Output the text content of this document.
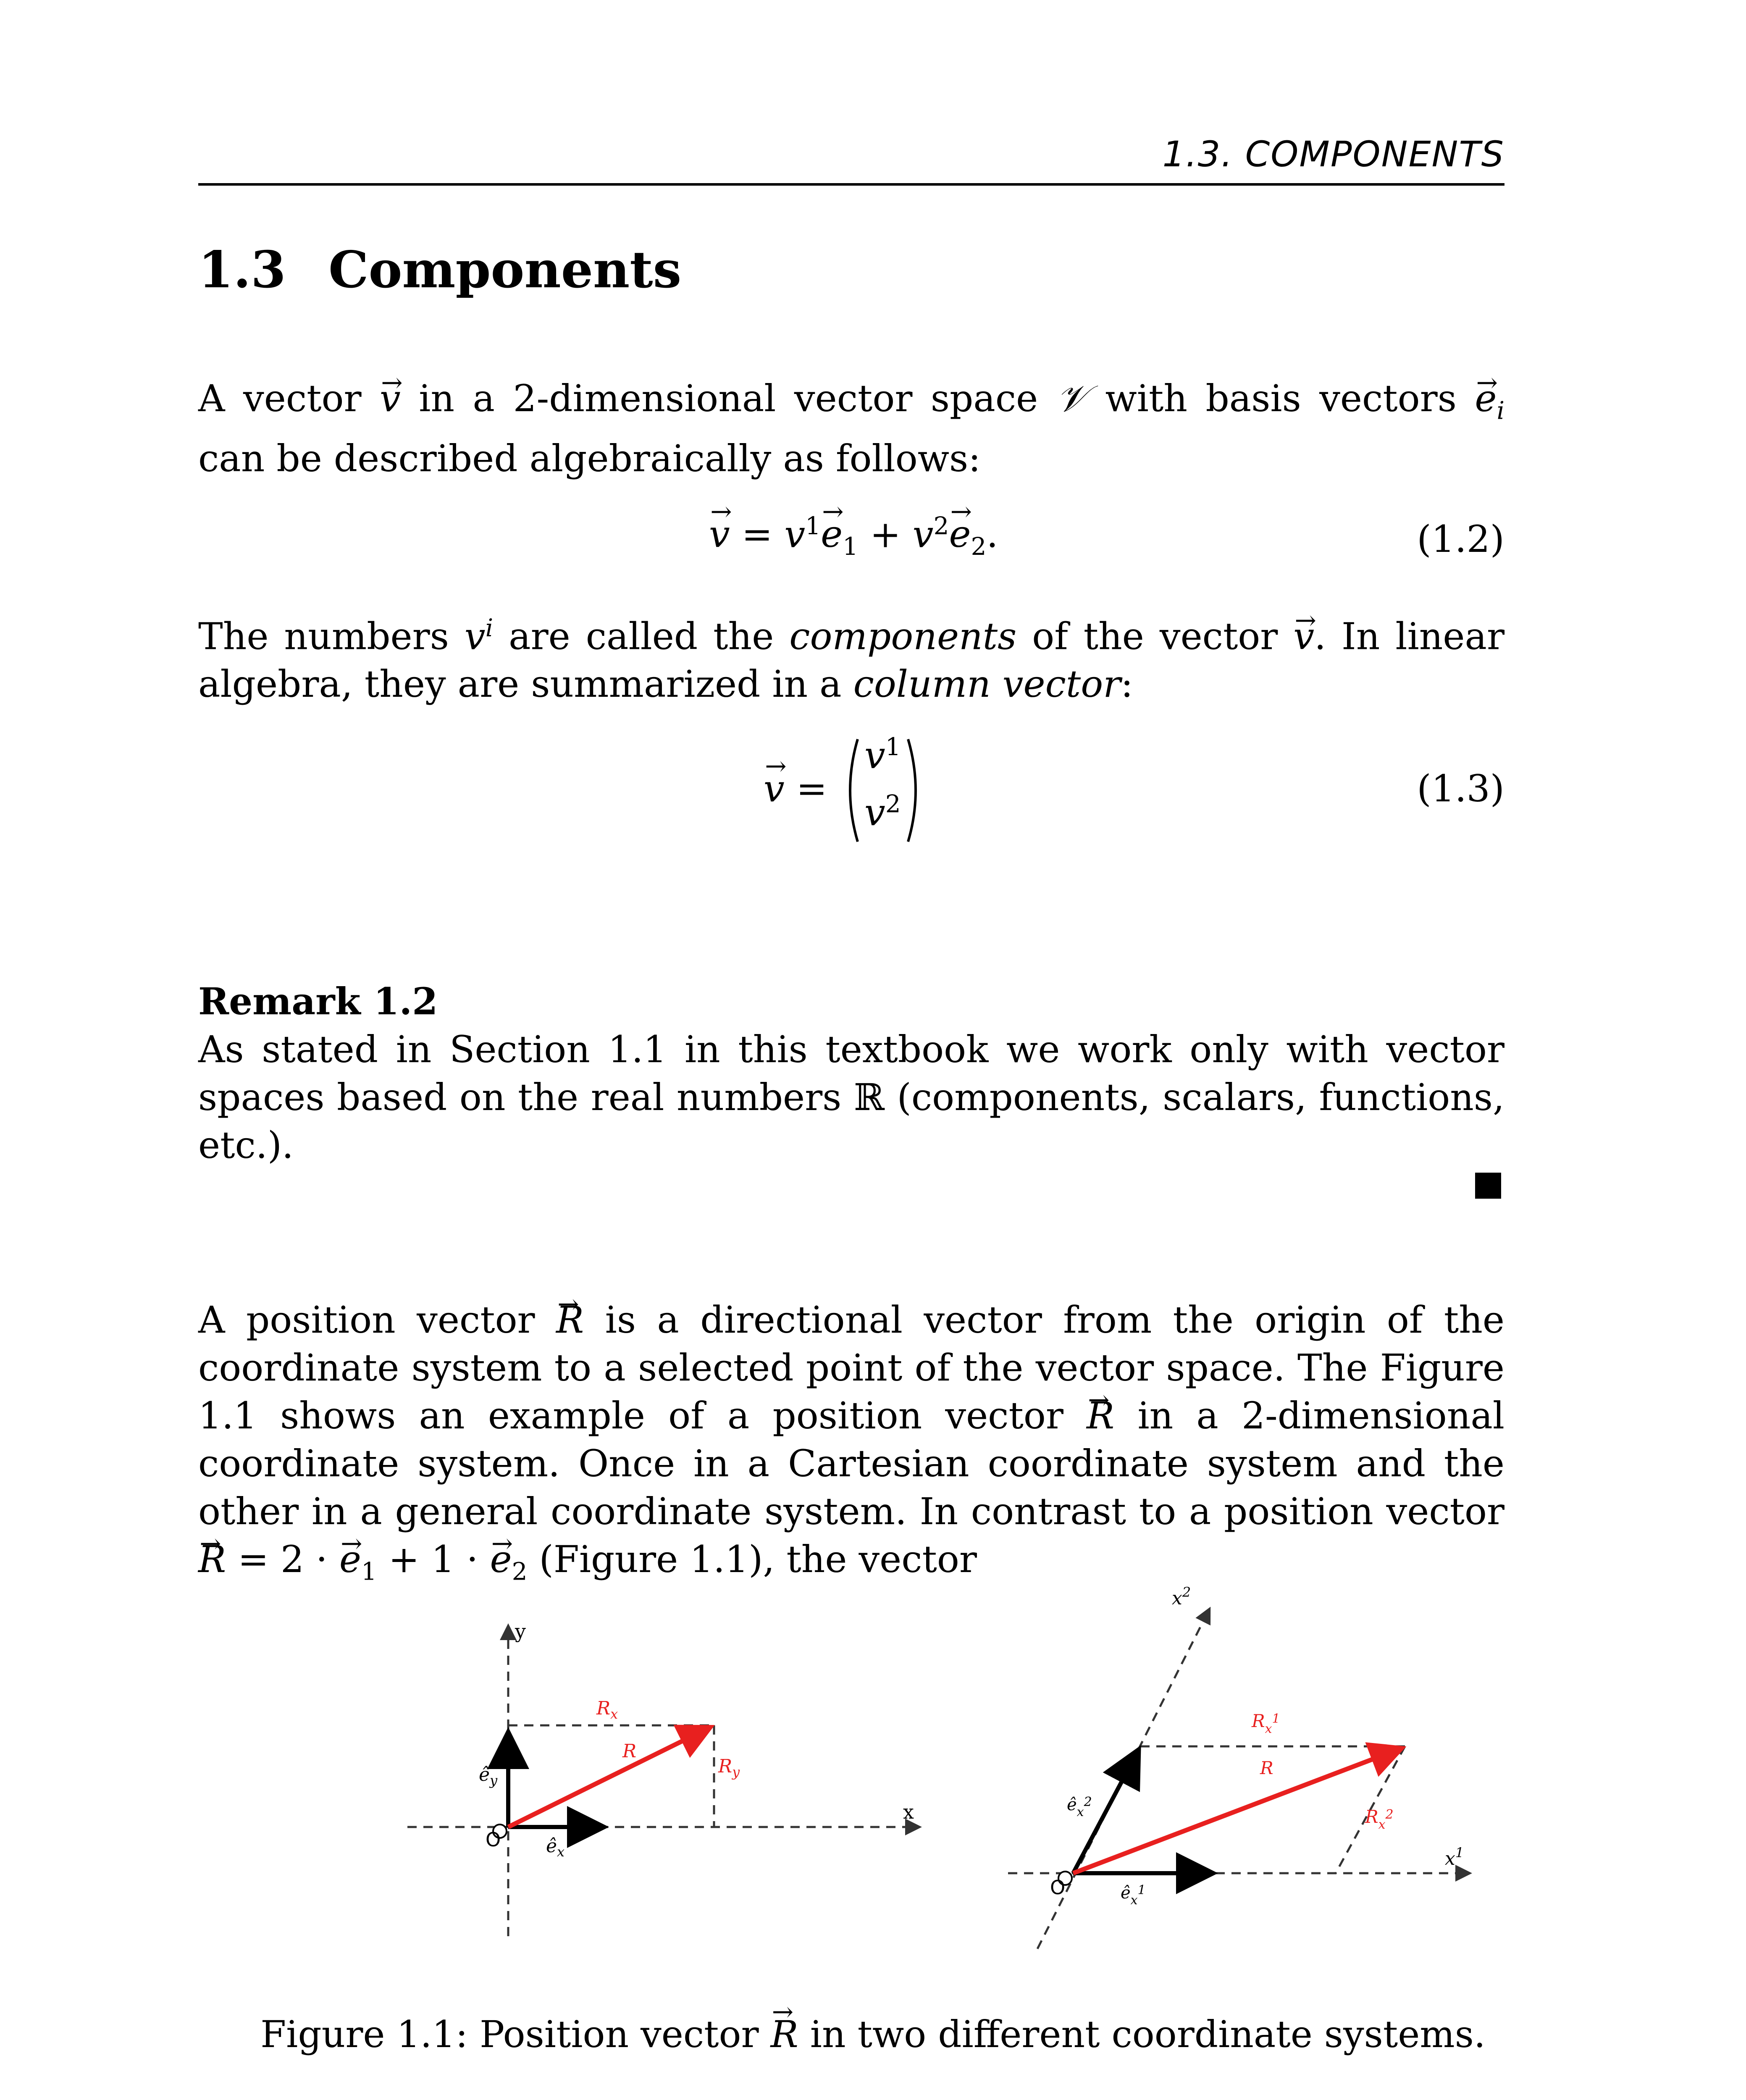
1.3. COMPONENTS
1.3 Components
A vector → v in a 2-dimensional vector space 𝒱 with basis vectors → $e_i$ can be described algebraically as follows:
→ $v = v^1\to e_1 + v^2\to e_2$.	(1.2)
The numbers $v^i$ are called the components of the vector → v. In linear algebra, they are summarized in a column vector:
→ v =
$v^1$
$v^2$	(1.3)
Remark 1.2
As stated in Section 1.1 in this textbook we work only with vector spaces based on the real numbers ℝ (components, scalars, functions, etc.).
A position vector → R is a directional vector from the origin of the coordinate system to a selected point of the vector space. The Figure 1.1 shows an example of a position vector → R in a 2-dimensional coordinate system. Once in a Cartesian coordinate system and the other in a general coordinate system. In contrast to a position vector → R = 2 · → $e_1 + 1$ · → $e_2$ (Figure 1.1), the vector
y
x
O
$ê_y$
$ê_x$
$R_x$
R
$R_y$
$x^2$
$x^1$
O
$ê_x^2$
$ê_x^1$
$R_x^1$
R
$R_x^2$
Figure 1.1: Position vector → R in two different coordinate systems.
